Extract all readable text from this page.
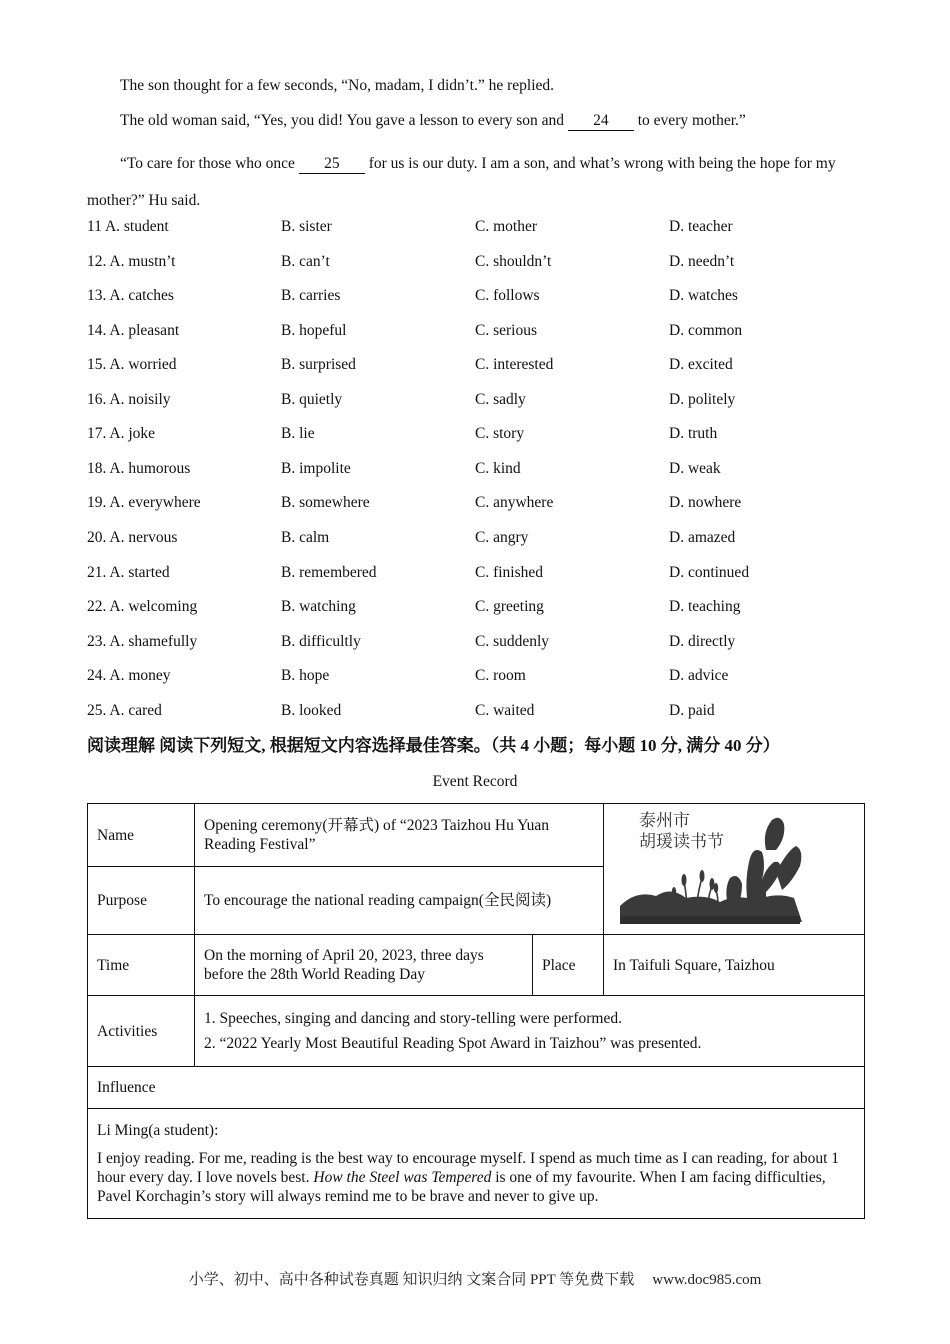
The son thought for a few seconds, “No, madam, I didn’t.” he replied.
The old woman said, “Yes, you did! You gave a lesson to every son and 24 to every mother.”
“To care for those who once 25 for us is our duty. I am a son, and what’s wrong with being the hope for my mother?” Hu said.
11 A. student	B. sister	C. mother	D. teacher
12. A. mustn’t	B. can’t	C. shouldn’t	D. needn’t
13. A. catches	B. carries	C. follows	D. watches
14. A. pleasant	B. hopeful	C. serious	D. common
15. A. worried	B. surprised	C. interested	D. excited
16. A. noisily	B. quietly	C. sadly	D. politely
17. A. joke	B. lie	C. story	D. truth
18. A. humorous	B. impolite	C. kind	D. weak
19. A. everywhere	B. somewhere	C. anywhere	D. nowhere
20. A. nervous	B. calm	C. angry	D. amazed
21. A. started	B. remembered	C. finished	D. continued
22. A. welcoming	B. watching	C. greeting	D. teaching
23. A. shamefully	B. difficultly	C. suddenly	D. directly
24. A. money	B. hope	C. room	D. advice
25. A. cared	B. looked	C. waited	D. paid
阅读理解 阅读下列短文, 根据短文内容选择最佳答案。（共 4 小题；每小题 10 分, 满分 40 分）
Event Record
Name	Opening ceremony(开幕式) of “2023 Taizhou Hu Yuan Reading Festival”		泰州市
胡瑗读书节

Purpose	To encourage the national reading campaign(全民阅读)		
Time	On the morning of April 20, 2023, three days before the 28th World Reading Day	Place	In Taifuli Square, Taizhou
Activities	1. Speeches, singing and dancing and story-telling were performed.
2. “2022 Yearly Most Beautiful Reading Spot Award in Taizhou” was presented.		

Influence			

Li Ming(a student):

I enjoy reading. For me, reading is the best way to encourage myself. I spend as much time as I can reading, for about 1 hour every day. I love novels best. How the Steel was Tempered is one of my favourite. When I am facing difficulties, Pavel Korchagin’s story will always remind me to be brave and never to give up.			

小学、初中、高中各种试卷真题 知识归纳 文案合同 PPT 等免费下载 www.doc985.com
